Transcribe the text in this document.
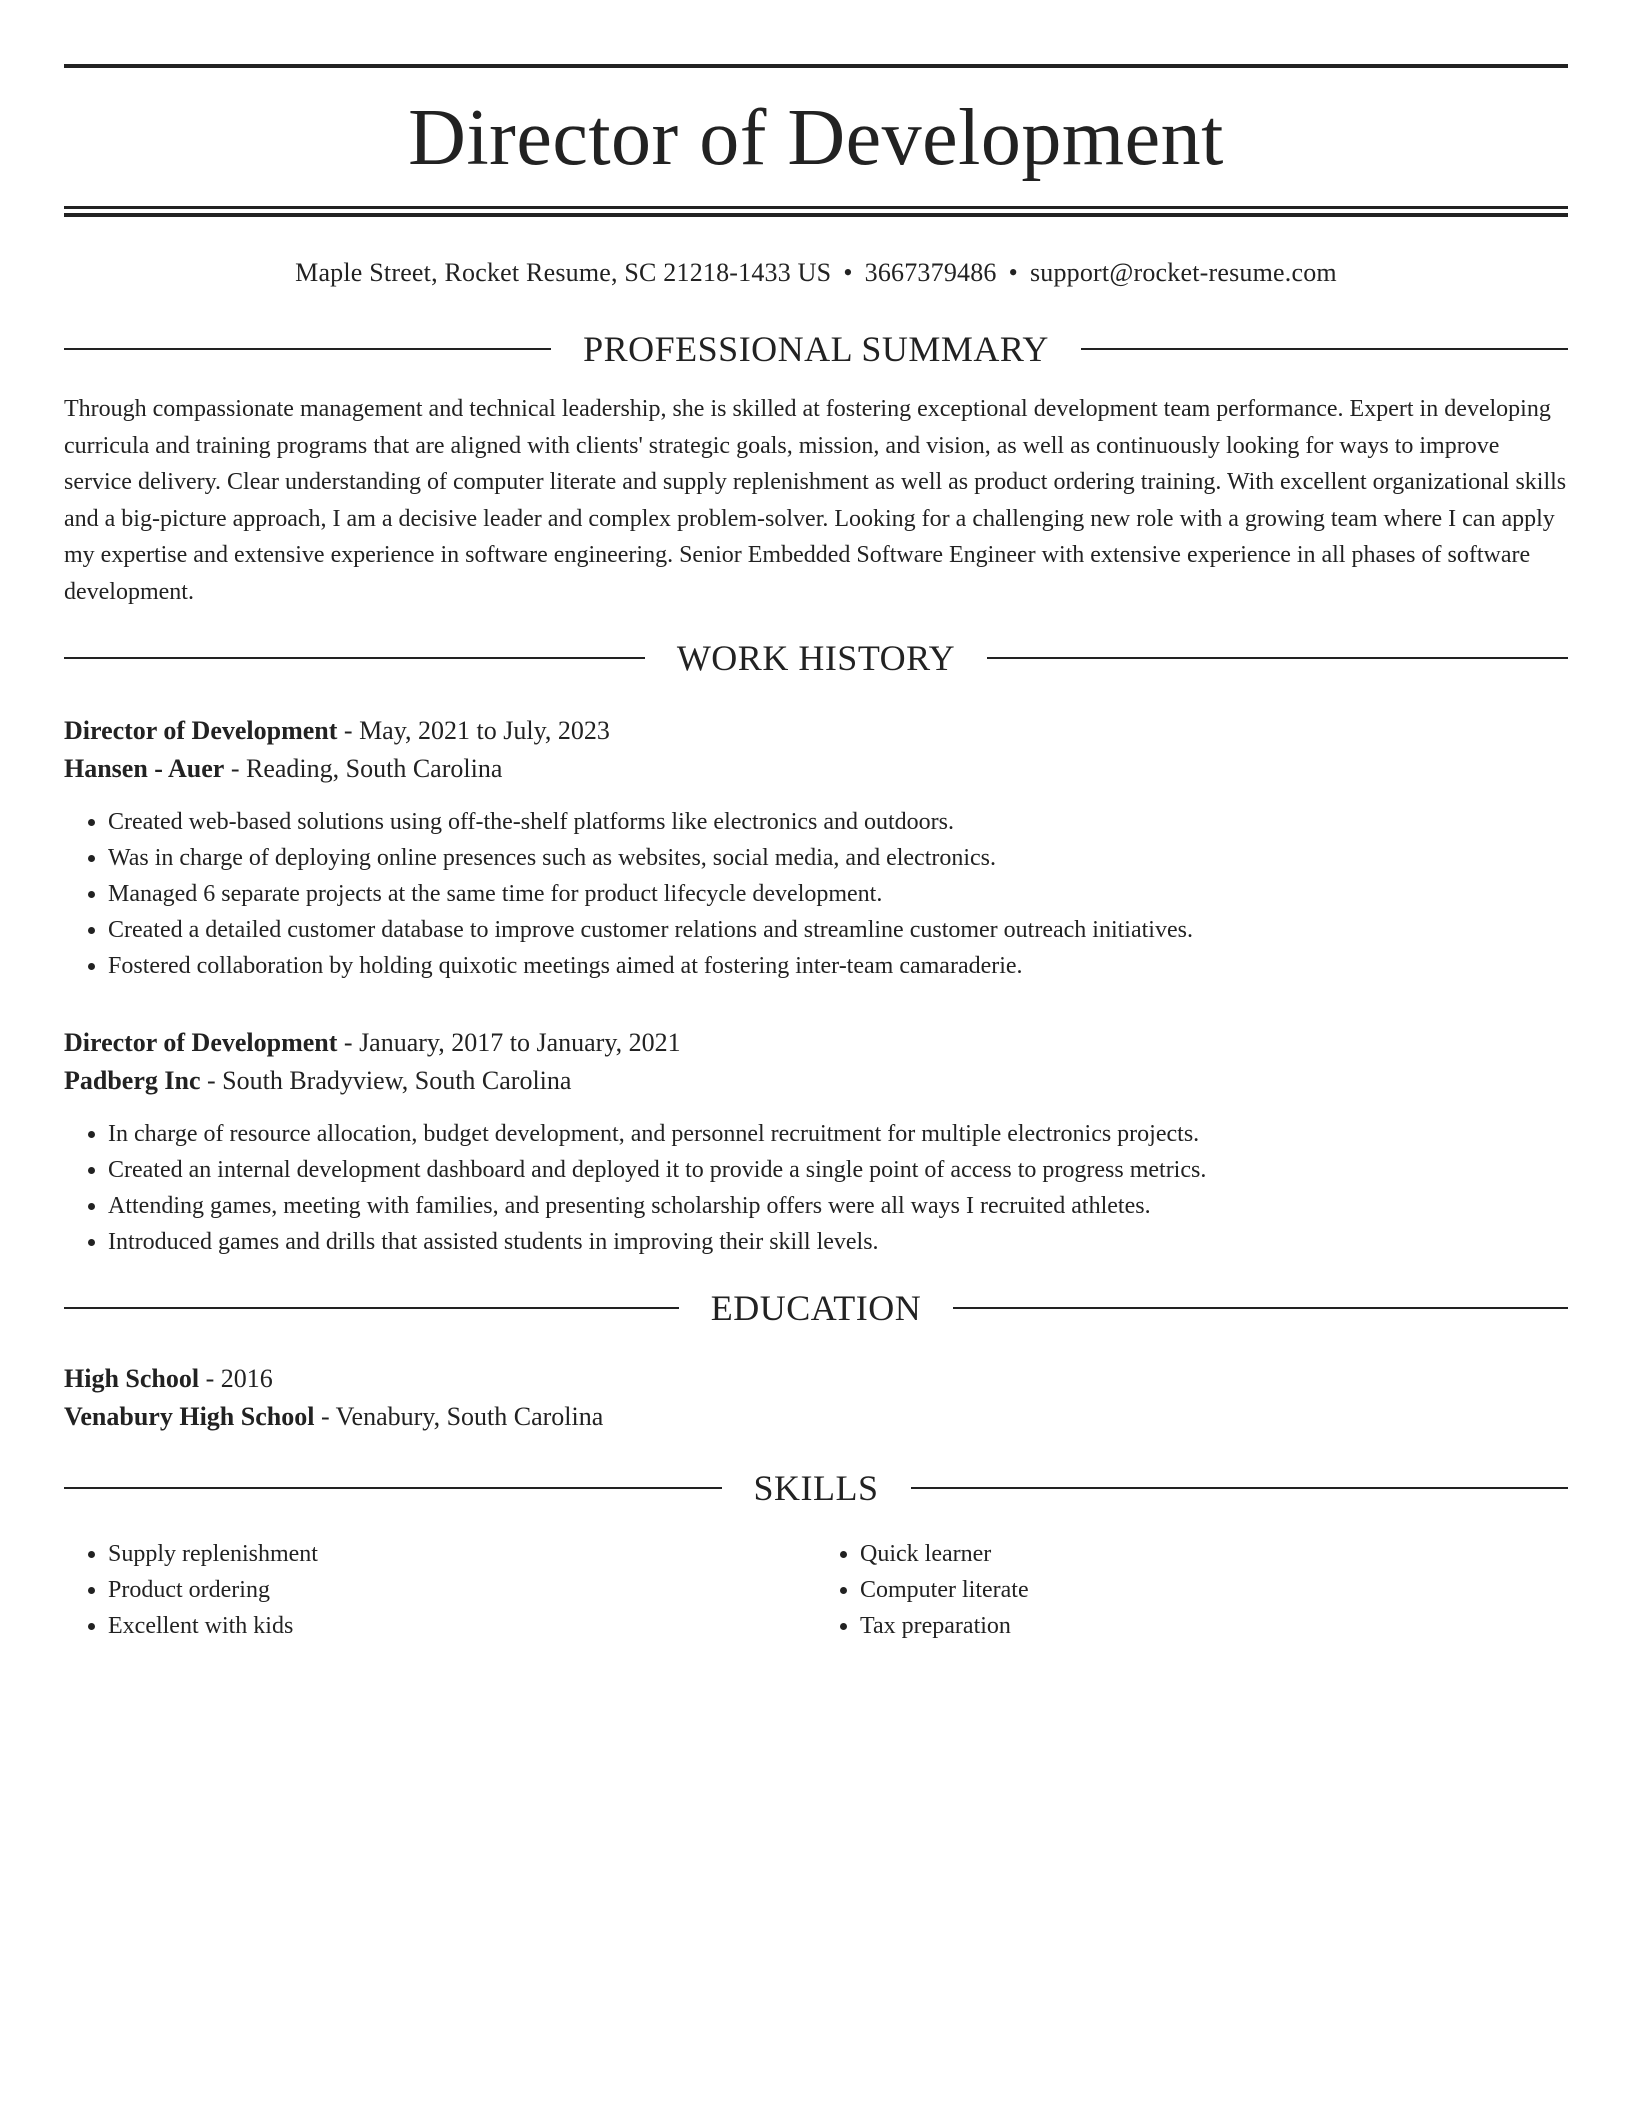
Director of Development
Maple Street, Rocket Resume, SC 21218-1433 US • 3667379486 • support@rocket-resume.com
PROFESSIONAL SUMMARY

Through compassionate management and technical leadership, she is skilled at fostering exceptional development team performance. Expert in developing curricula and training programs that are aligned with clients' strategic goals, mission, and vision, as well as continuously looking for ways to improve service delivery. Clear understanding of computer literate and supply replenishment as well as product ordering training. With excellent organizational skills and a big-picture approach, I am a decisive leader and complex problem-solver. Looking for a challenging new role with a growing team where I can apply my expertise and extensive experience in software engineering. Senior Embedded Software Engineer with extensive experience in all phases of software development.

WORK HISTORY
Director of Development - May, 2021 to July, 2023
Hansen - Auer - Reading, South Carolina
• Created web-based solutions using off-the-shelf platforms like electronics and outdoors.
• Was in charge of deploying online presences such as websites, social media, and electronics.
• Managed 6 separate projects at the same time for product lifecycle development.
• Created a detailed customer database to improve customer relations and streamline customer outreach initiatives.
• Fostered collaboration by holding quixotic meetings aimed at fostering inter-team camaraderie.
Director of Development - January, 2017 to January, 2021
Padberg Inc - South Bradyview, South Carolina
• In charge of resource allocation, budget development, and personnel recruitment for multiple electronics projects.
• Created an internal development dashboard and deployed it to provide a single point of access to progress metrics.
• Attending games, meeting with families, and presenting scholarship offers were all ways I recruited athletes.
• Introduced games and drills that assisted students in improving their skill levels.
EDUCATION
High School - 2016
Venabury High School - Venabury, South Carolina
SKILLS
• Supply replenishment
• Product ordering
• Excellent with kids
• Quick learner
• Computer literate
• Tax preparation
